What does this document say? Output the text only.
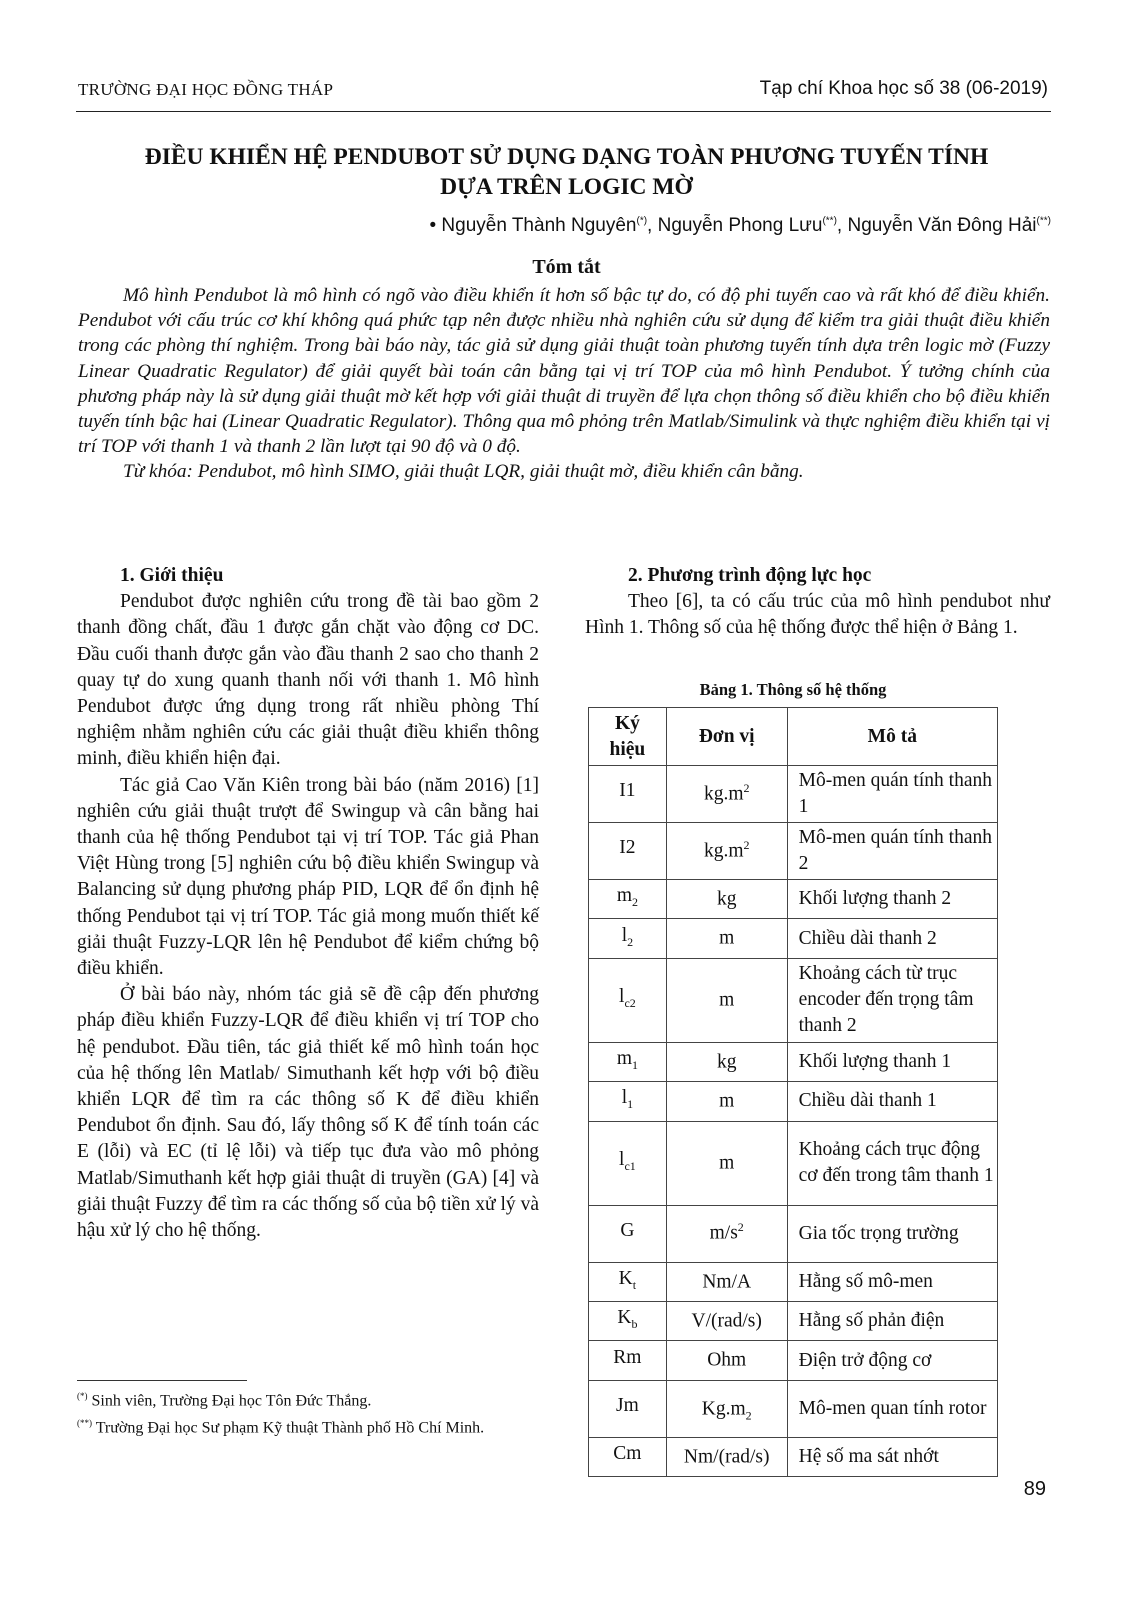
TRƯỜNG ĐẠI HỌC ĐỒNG THÁP	Tạp chí Khoa học số 38 (06-2019)
ĐIỀU KHIỂN HỆ PENDUBOT SỬ DỤNG DẠNG TOÀN PHƯƠNG TUYẾN TÍNH
DỰA TRÊN LOGIC MỜ
• Nguyễn Thành Nguyên(*), Nguyễn Phong Lưu(**), Nguyễn Văn Đông Hải(**)
Tóm tắt

Mô hình Pendubot là mô hình có ngõ vào điều khiển ít hơn số bậc tự do, có độ phi tuyến cao và rất khó để điều khiển. Pendubot với cấu trúc cơ khí không quá phức tạp nên được nhiều nhà nghiên cứu sử dụng để kiểm tra giải thuật điều khiển trong các phòng thí nghiệm. Trong bài báo này, tác giả sử dụng giải thuật toàn phương tuyến tính dựa trên logic mờ (Fuzzy Linear Quadratic Regulator) để giải quyết bài toán cân bằng tại vị trí TOP của mô hình Pendubot. Ý tưởng chính của phương pháp này là sử dụng giải thuật mờ kết hợp với giải thuật di truyền để lựa chọn thông số điều khiển cho bộ điều khiển tuyến tính bậc hai (Linear Quadratic Regulator). Thông qua mô phỏng trên Matlab/Simulink và thực nghiệm điều khiển tại vị trí TOP với thanh 1 và thanh 2 lần lượt tại 90 độ và 0 độ.

Từ khóa: Pendubot, mô hình SIMO, giải thuật LQR, giải thuật mờ, điều khiển cân bằng.

1. Giới thiệu

Pendubot được nghiên cứu trong đề tài bao gồm 2 thanh đồng chất, đầu 1 được gắn chặt vào động cơ DC. Đầu cuối thanh được gắn vào đầu thanh 2 sao cho thanh 2 quay tự do xung quanh thanh nối với thanh 1. Mô hình Pendubot được ứng dụng trong rất nhiều phòng Thí nghiệm nhằm nghiên cứu các giải thuật điều khiển thông minh, điều khiển hiện đại.

Tác giả Cao Văn Kiên trong bài báo (năm 2016) [1] nghiên cứu giải thuật trượt để Swingup và cân bằng hai thanh của hệ thống Pendubot tại vị trí TOP. Tác giả Phan Việt Hùng trong [5] nghiên cứu bộ điều khiển Swingup và Balancing sử dụng phương pháp PID, LQR để ổn định hệ thống Pendubot tại vị trí TOP. Tác giả mong muốn thiết kế giải thuật Fuzzy-LQR lên hệ Pendubot để kiểm chứng bộ điều khiển.

Ở bài báo này, nhóm tác giả sẽ đề cập đến phương pháp điều khiển Fuzzy-LQR để điều khiển vị trí TOP cho hệ pendubot. Đầu tiên, tác giả thiết kế mô hình toán học của hệ thống lên Matlab/ Simuthanh kết hợp với bộ điều khiển LQR để tìm ra các thông số K để điều khiển Pendubot ổn định. Sau đó, lấy thông số K để tính toán các E (lỗi) và EC (tỉ lệ lỗi) và tiếp tục đưa vào mô phỏng Matlab/Simuthanh kết hợp giải thuật di truyền (GA) [4] và giải thuật Fuzzy để tìm ra các thống số của bộ tiền xử lý và hậu xử lý cho hệ thống.

2. Phương trình động lực học

Theo [6], ta có cấu trúc của mô hình pendubot như Hình 1. Thông số của hệ thống được thể hiện ở Bảng 1.

Bảng 1. Thông số hệ thống
Ký
hiệu	Đơn vị	Mô tả
I1	$kg.m^2$	Mô-men quán tính thanh 1
I2	$kg.m^2$	Mô-men quán tính thanh 2
$m_2$	kg	Khối lượng thanh 2
$l_2$	m	Chiều dài thanh 2
$l_{c2}$	m	Khoảng cách từ trục encoder đến trọng tâm thanh 2
$m_1$	kg	Khối lượng thanh 1
$l_1$	m	Chiều dài thanh 1
$l_{c1}$	m	Khoảng cách trục động cơ đến trong tâm thanh 1
G	$m/s^2$	Gia tốc trọng trường
$K_t$	Nm/A	Hằng số mô-men
$K_b$	V/(rad/s)	Hằng số phản điện
Rm	Ohm	Điện trở động cơ
Jm	$Kg.m_2$	Mô-men quan tính rotor
Cm	Nm/(rad/s)	Hệ số ma sát nhớt
(*) Sinh viên, Trường Đại học Tôn Đức Thắng.
(**) Trường Đại học Sư phạm Kỹ thuật Thành phố Hồ Chí Minh.
89
